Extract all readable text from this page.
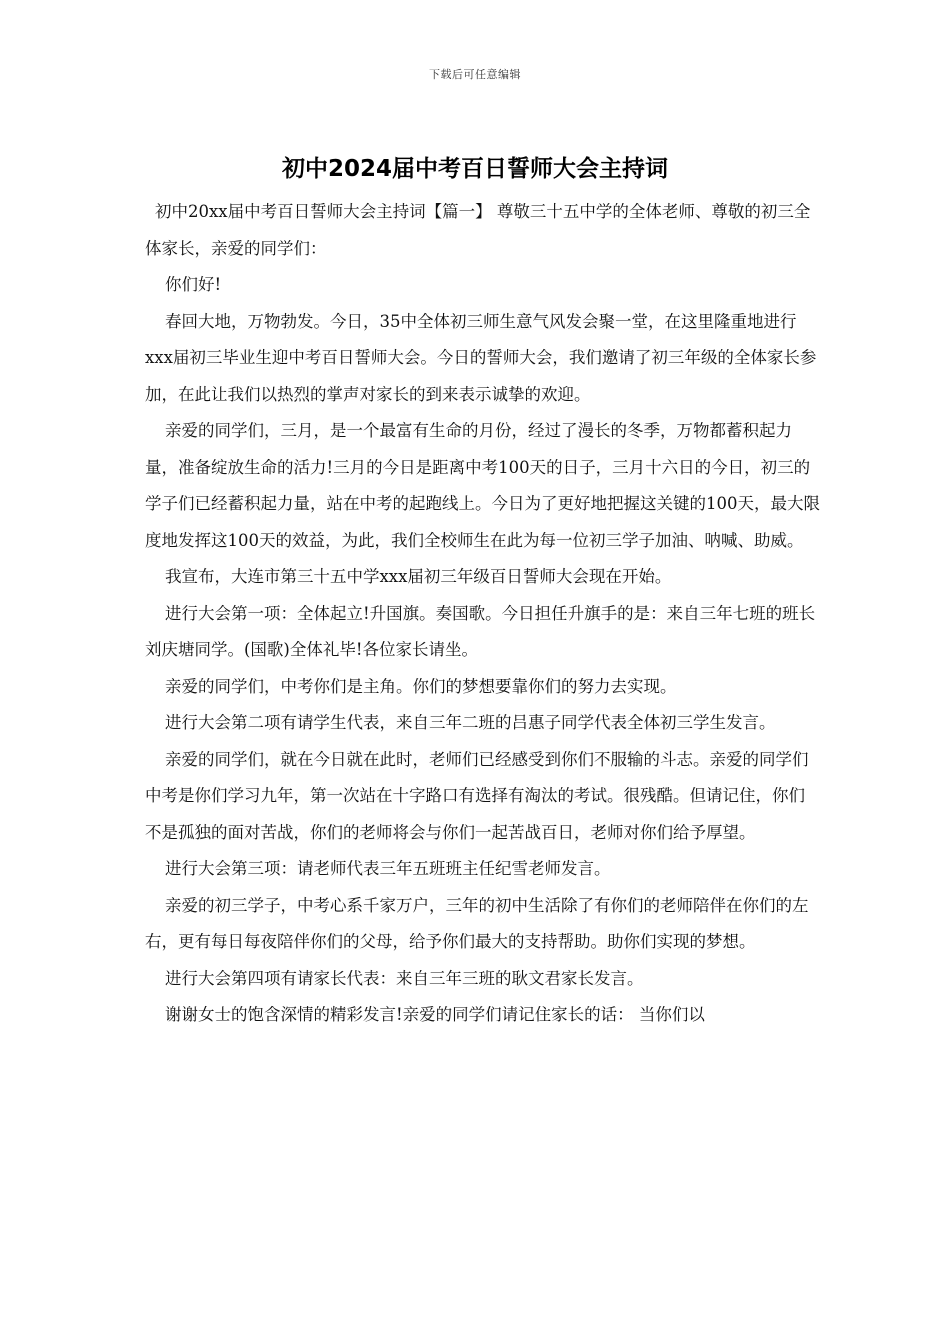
下载后可任意编辑
初中2024届中考百日誓师大会主持词

初中20xx届中考百日誓师大会主持词【篇一】 尊敬三十五中学的全体老师、尊敬的初三全体家长，亲爱的同学们：

你们好!

春回大地，万物勃发。今日，35中全体初三师生意气风发会聚一堂，在这里隆重地进行xxx届初三毕业生迎中考百日誓师大会。今日的誓师大会，我们邀请了初三年级的全体家长参加，在此让我们以热烈的掌声对家长的到来表示诚挚的欢迎。

亲爱的同学们，三月，是一个最富有生命的月份，经过了漫长的冬季，万物都蓄积起力量，准备绽放生命的活力!三月的今日是距离中考100天的日子，三月十六日的今日，初三的学子们已经蓄积起力量，站在中考的起跑线上。今日为了更好地把握这关键的100天，最大限度地发挥这100天的效益，为此，我们全校师生在此为每一位初三学子加油、呐喊、助威。

我宣布，大连市第三十五中学xxx届初三年级百日誓师大会现在开始。

进行大会第一项：全体起立!升国旗。奏国歌。今日担任升旗手的是：来自三年七班的班长刘庆塘同学。(国歌)全体礼毕!各位家长请坐。

亲爱的同学们，中考你们是主角。你们的梦想要靠你们的努力去实现。

进行大会第二项有请学生代表，来自三年二班的吕惠子同学代表全体初三学生发言。

亲爱的同学们，就在今日就在此时，老师们已经感受到你们不服输的斗志。亲爱的同学们中考是你们学习九年，第一次站在十字路口有选择有淘汰的考试。很残酷。但请记住，你们不是孤独的面对苦战，你们的老师将会与你们一起苦战百日，老师对你们给予厚望。

进行大会第三项：请老师代表三年五班班主任纪雪老师发言。

亲爱的初三学子，中考心系千家万户，三年的初中生活除了有你们的老师陪伴在你们的左右，更有每日每夜陪伴你们的父母，给予你们最大的支持帮助。助你们实现的梦想。

进行大会第四项有请家长代表：来自三年三班的耿文君家长发言。

谢谢女士的饱含深情的精彩发言!亲爱的同学们请记住家长的话： 当你们以
